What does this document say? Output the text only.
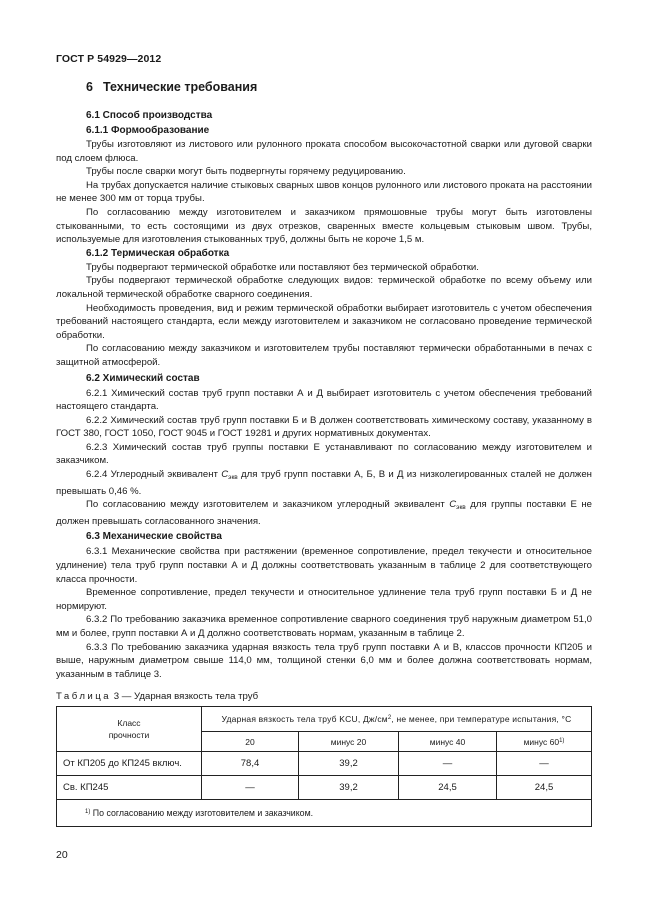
ГОСТ Р 54929—2012
6 Технические требования
6.1 Способ производства
6.1.1 Формообразование

Трубы изготовляют из листового или рулонного проката способом высокочастотной сварки или дуговой сварки под слоем флюса.

Трубы после сварки могут быть подвергнуты горячему редуцированию.

На трубах допускается наличие стыковых сварных швов концов рулонного или листового проката на расстоянии не менее 300 мм от торца трубы.

По согласованию между изготовителем и заказчиком прямошовные трубы могут быть изготовлены стыкованными, то есть состоящими из двух отрезков, сваренных вместе кольцевым стыковым швом. Трубы, используемые для изготовления стыкованных труб, должны быть не короче 1,5 м.

6.1.2 Термическая обработка

Трубы подвергают термической обработке или поставляют без термической обработки.

Трубы подвергают термической обработке следующих видов: термической обработке по всему объему или локальной термической обработке сварного соединения.

Необходимость проведения, вид и режим термической обработки выбирает изготовитель с учетом обеспечения требований настоящего стандарта, если между изготовителем и заказчиком не согласовано проведение термической обработки.

По согласованию между заказчиком и изготовителем трубы поставляют термически обработанными в печах с защитной атмосферой.

6.2 Химический состав

6.2.1 Химический состав труб групп поставки А и Д выбирает изготовитель с учетом обеспечения требований настоящего стандарта.

6.2.2 Химический состав труб групп поставки Б и В должен соответствовать химическому составу, указанному в ГОСТ 380, ГОСТ 1050, ГОСТ 9045 и ГОСТ 19281 и других нормативных документах.

6.2.3 Химический состав труб группы поставки Е устанавливают по согласованию между изготовителем и заказчиком.

6.2.4 Углеродный эквивалент $C_{экв}$ для труб групп поставки А, Б, В и Д из низколегированных сталей не должен превышать 0,46 %.

По согласованию между изготовителем и заказчиком углеродный эквивалент $C_{экв}$ для группы поставки Е не должен превышать согласованного значения.

6.3 Механические свойства

6.3.1 Механические свойства при растяжении (временное сопротивление, предел текучести и относительное удлинение) тела труб групп поставки А и Д должны соответствовать указанным в таблице 2 для соответствующего класса прочности.

Временное сопротивление, предел текучести и относительное удлинение тела труб групп поставки Б и Д не нормируют.

6.3.2 По требованию заказчика временное сопротивление сварного соединения труб наружным диаметром 51,0 мм и более, групп поставки А и Д должно соответствовать нормам, указанным в таблице 2.

6.3.3 По требованию заказчика ударная вязкость тела труб групп поставки А и В, классов прочности КП205 и выше, наружным диаметром свыше 114,0 мм, толщиной стенки 6,0 мм и более должна соответствовать нормам, указанным в таблице 3.

Таблица 3 — Ударная вязкость тела труб
Класс
прочности	Ударная вязкость тела труб KCU, $Дж/см^2$, не менее, при температуре испытания, °С			
	20	минус 20	минус 40	минус 60$^{1)}$
От КП205 до КП245 включ.	78,4	39,2	—	—
Св. КП245	—	39,2	24,5	24,5
$^{1)}$ По согласованию между изготовителем и заказчиком.				
20
